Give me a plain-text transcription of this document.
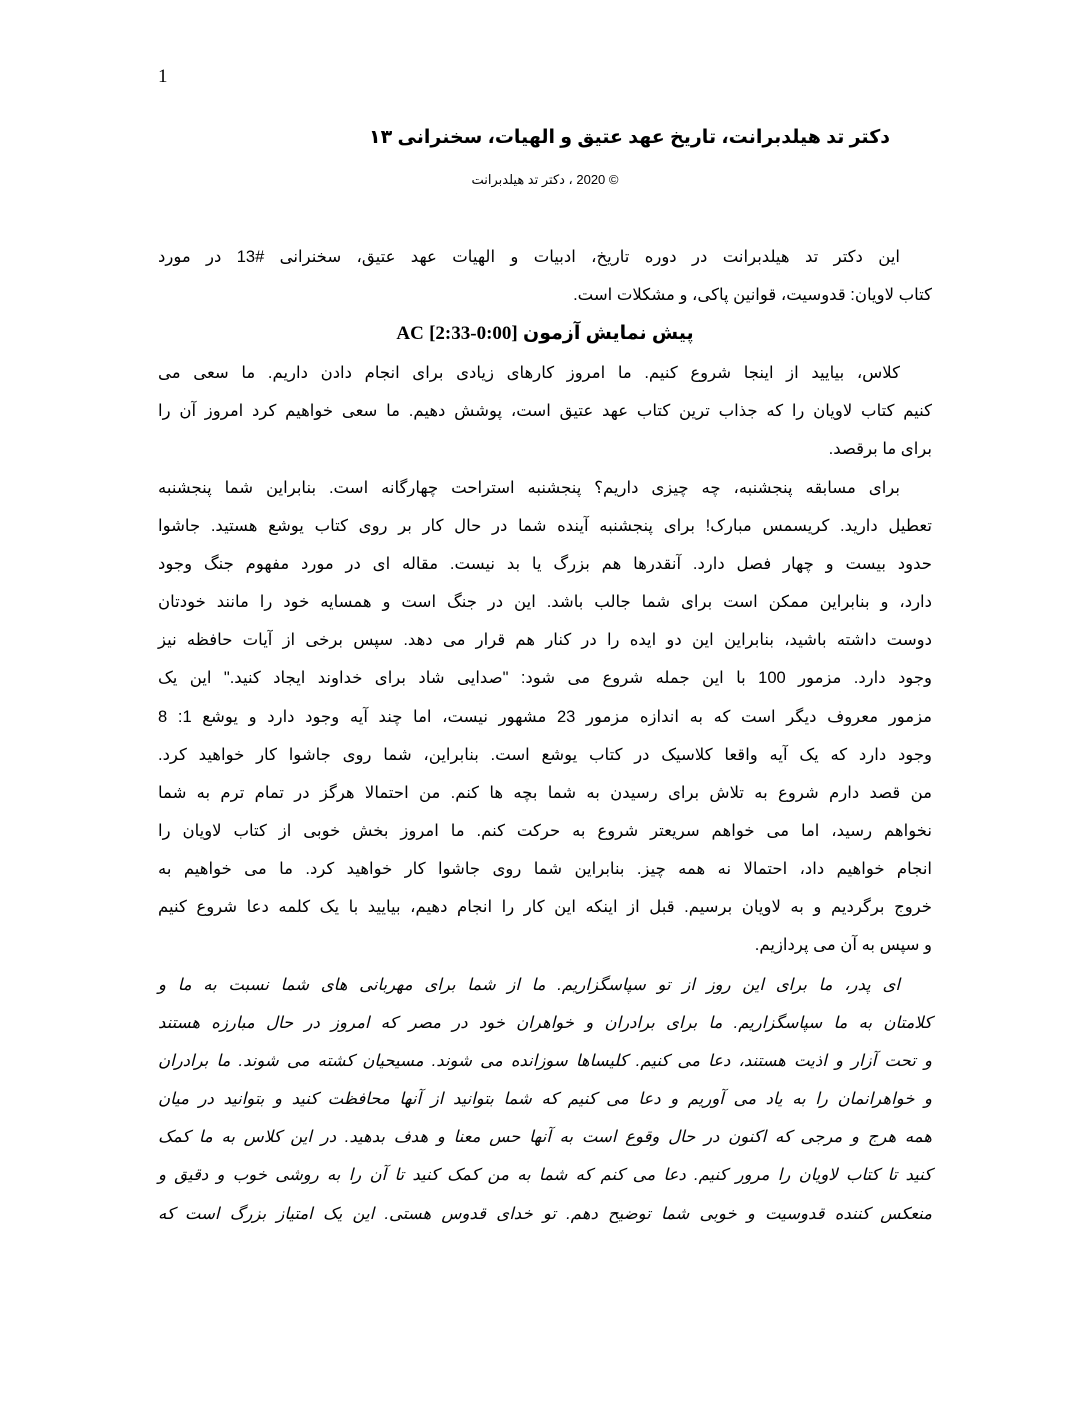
1
دکتر تد هیلدبرانت، تاریخ عهد عتیق و الهیات، سخنرانی ۱۳
© 2020 ، دکتر تد هیلدبرانت
این دکتر تد هیلدبرانت در دوره تاریخ، ادبیات و الهیات عهد عتیق، سخنرانی #13 در مورد
کتاب لاویان: قدوسیت، قوانین پاکی، و مشکلات است.
پیش نمایش آزمون [0:00-2:33] AC
کلاس، بیایید از اینجا شروع کنیم. ما امروز کارهای زیادی برای انجام دادن داریم. ما سعی می
کنیم کتاب لاویان را که جذاب ترین کتاب عهد عتیق است، پوشش دهیم. ما سعی خواهیم کرد امروز آن را
برای ما برقصد.
برای مسابقه پنجشنبه، چه چیزی داریم؟ پنجشنبه استراحت چهارگانه است. بنابراین شما پنجشنبه
تعطیل دارید. کریسمس مبارک! برای پنجشنبه آینده شما در حال کار بر روی کتاب یوشع هستید. جاشوا
حدود بیست و چهار فصل دارد. آنقدرها هم بزرگ یا بد نیست. مقاله ای در مورد مفهوم جنگ وجود
دارد، و بنابراین ممکن است برای شما جالب باشد. این در جنگ است و همسایه خود را مانند خودتان
دوست داشته باشید، بنابراین این دو ایده را در کنار هم قرار می دهد. سپس برخی از آیات حافظه نیز
وجود دارد. مزمور 100 با این جمله شروع می شود: "صدایی شاد برای خداوند ایجاد کنید." این یک
مزمور معروف دیگر است که به اندازه مزمور 23 مشهور نیست، اما چند آیه وجود دارد و یوشع 1: 8
وجود دارد که یک آیه واقعا کلاسیک در کتاب یوشع است. بنابراین، شما روی جاشوا کار خواهید کرد.
من قصد دارم شروع به تلاش برای رسیدن به شما بچه ها کنم. من احتمالا هرگز در تمام ترم به شما
نخواهم رسید، اما می خواهم سریعتر شروع به حرکت کنم. ما امروز بخش خوبی از کتاب لاویان را
انجام خواهیم داد، احتمالا نه همه چیز. بنابراین شما روی جاشوا کار خواهید کرد. ما می خواهیم به
خروج برگردیم و به لاویان برسیم. قبل از اینکه این کار را انجام دهیم، بیایید با یک کلمه دعا شروع کنیم
و سپس به آن می پردازیم.
ای پدر، ما برای این روز از تو سپاسگزاریم. ما از شما برای مهربانی های شما نسبت به ما و
کلامتان به ما سپاسگزاریم. ما برای برادران و خواهران خود در مصر که امروز در حال مبارزه هستند
و تحت آزار و اذیت هستند، دعا می کنیم. کلیساها سوزانده می شوند. مسیحیان کشته می شوند. ما برادران
و خواهرانمان را به یاد می آوریم و دعا می کنیم که شما بتوانید از آنها محافظت کنید و بتوانید در میان
همه هرج و مرجی که اکنون در حال وقوع است به آنها حس معنا و هدف بدهید. در این کلاس به ما کمک
کنید تا کتاب لاویان را مرور کنیم. دعا می کنم که شما به من کمک کنید تا آن را به روشی خوب و دقیق و
منعکس کننده قدوسیت و خوبی شما توضیح دهم. تو خدای قدوس هستی. این یک امتیاز بزرگ است که
